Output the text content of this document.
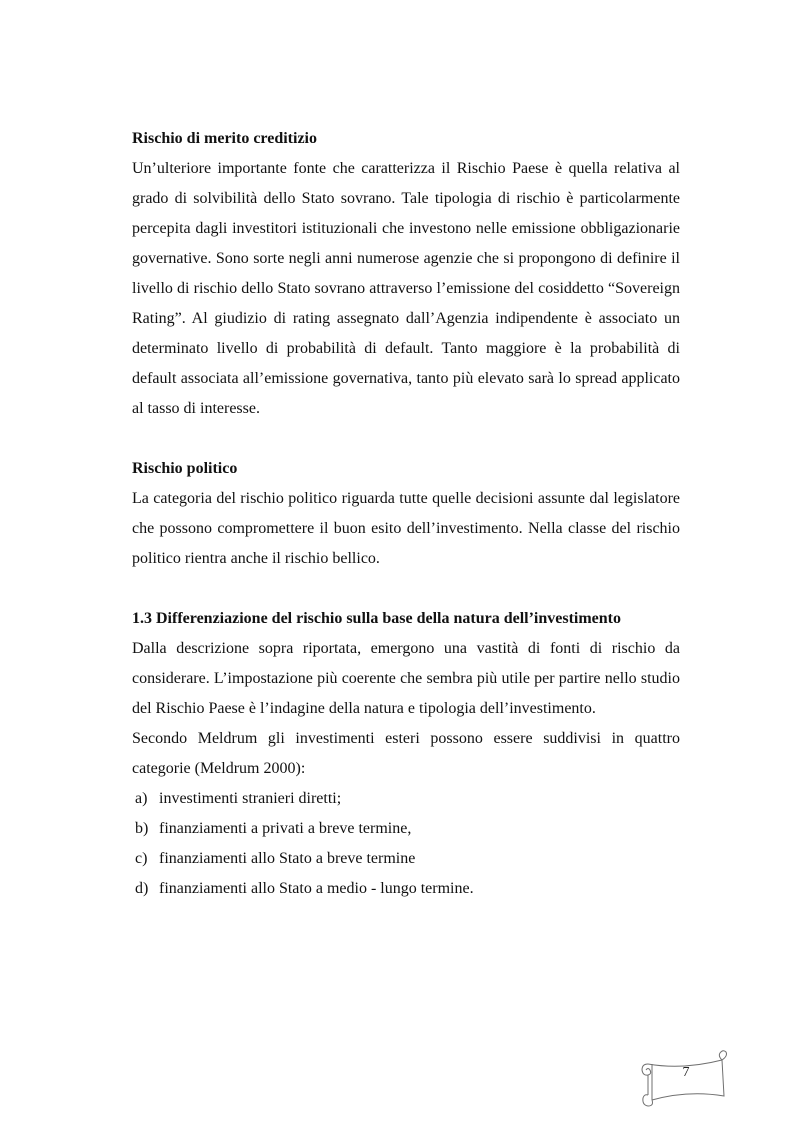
Rischio di merito creditizio

Un’ulteriore importante fonte che caratterizza il Rischio Paese è quella relativa al grado di solvibilità dello Stato sovrano. Tale tipologia di rischio è particolarmente percepita dagli investitori istituzionali che investono nelle emissione obbligazionarie governative. Sono sorte negli anni numerose agenzie che si propongono di definire il livello di rischio dello Stato sovrano attraverso l’emissione del cosiddetto “Sovereign Rating”. Al giudizio di rating assegnato dall’Agenzia indipendente è associato un determinato livello di probabilità di default. Tanto maggiore è la probabilità di default associata all’emissione governativa, tanto più elevato sarà lo spread applicato al tasso di interesse.

Rischio politico

La categoria del rischio politico riguarda tutte quelle decisioni assunte dal legislatore che possono compromettere il buon esito dell’investimento. Nella classe del rischio politico rientra anche il rischio bellico.

1.3 Differenziazione del rischio sulla base della natura dell’investimento

Dalla descrizione sopra riportata, emergono una vastità di fonti di rischio da considerare. L’impostazione più coerente che sembra più utile per partire nello studio del Rischio Paese è l’indagine della natura e tipologia dell’investimento.

Secondo Meldrum gli investimenti esteri possono essere suddivisi in quattro categorie (Meldrum 2000):

a) investimenti stranieri diretti;
b) finanziamenti a privati a breve termine,
c) finanziamenti allo Stato a breve termine
d) finanziamenti allo Stato a medio - lungo termine.
7
